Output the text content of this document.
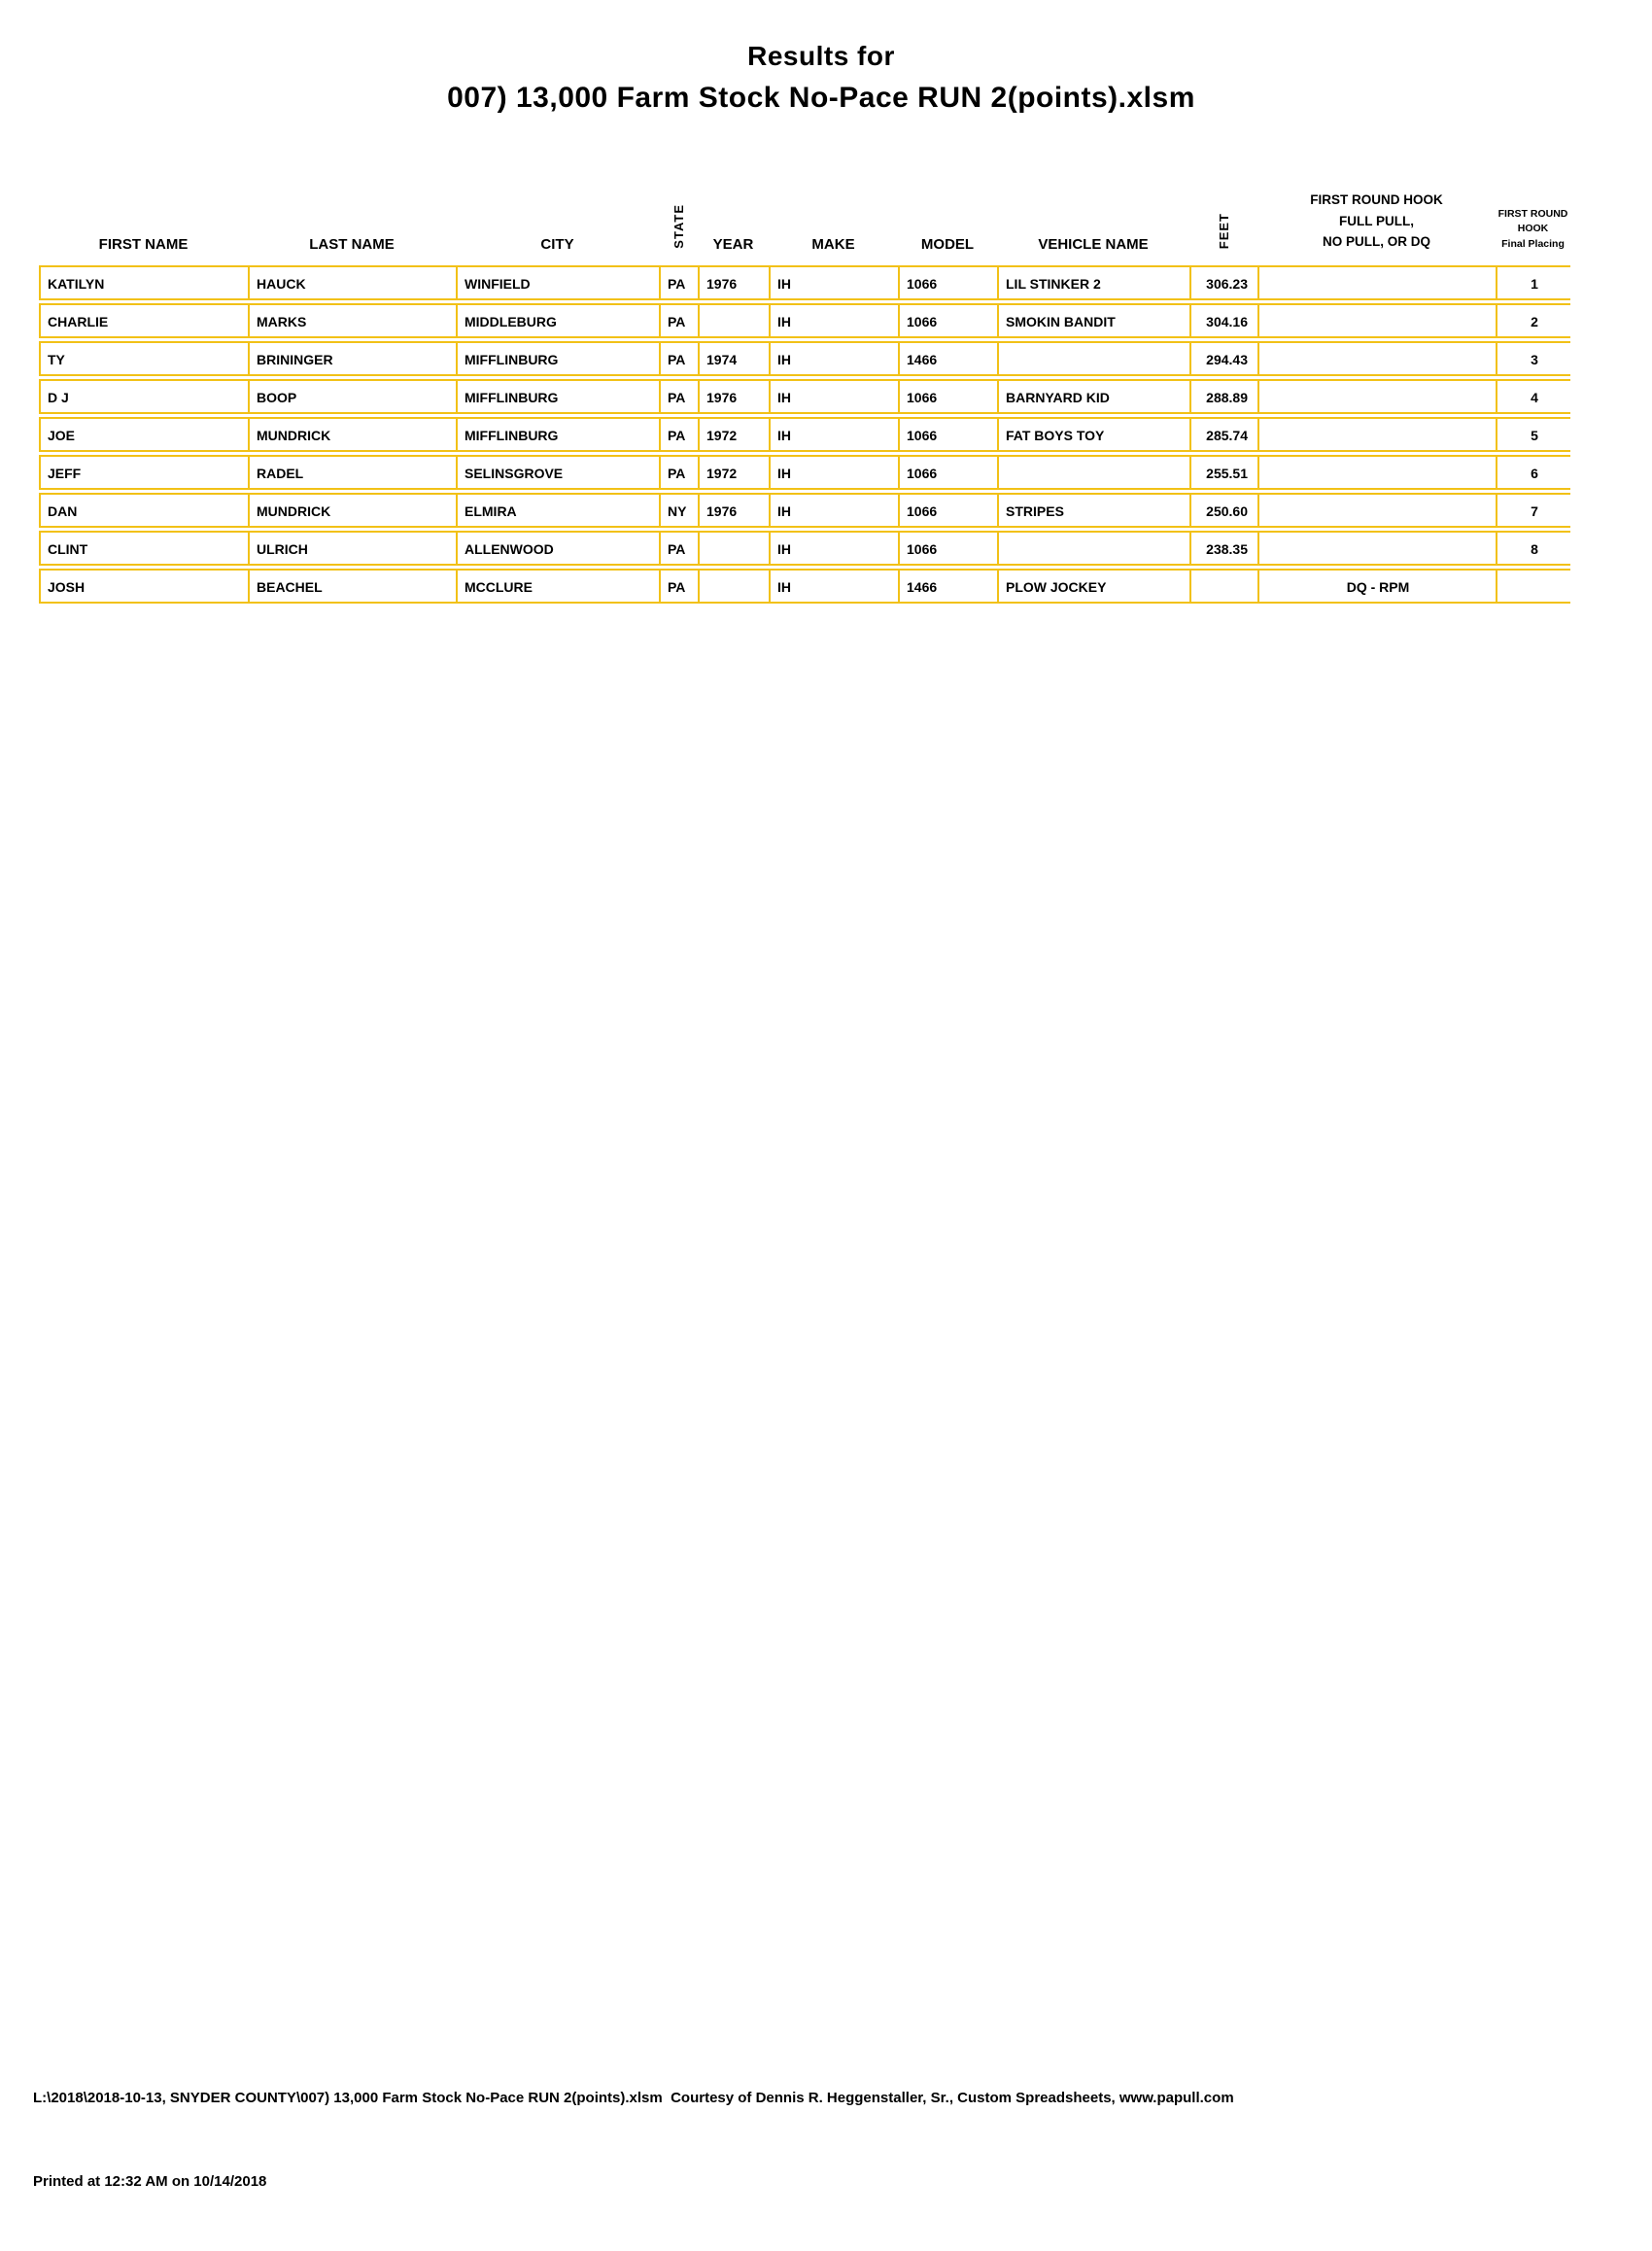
Results for
007) 13,000 Farm Stock No-Pace RUN 2(points).xlsm
FIRST NAME	LAST NAME	CITY	STATE	YEAR	MAKE	MODEL	VEHICLE NAME	FEET	
FIRST ROUND HOOK
FULL PULL,
NO PULL, OR DQ

FIRST ROUND
HOOK
Final Placing

KATILYN	HAUCK	WINFIELD	PA	1976	IH	1066	LIL STINKER 2	306.23		1
CHARLIE	MARKS	MIDDLEBURG	PA		IH	1066	SMOKIN BANDIT	304.16		2
TY	BRININGER	MIFFLINBURG	PA	1974	IH	1466		294.43		3
D J	BOOP	MIFFLINBURG	PA	1976	IH	1066	BARNYARD KID	288.89		4
JOE	MUNDRICK	MIFFLINBURG	PA	1972	IH	1066	FAT BOYS TOY	285.74		5
JEFF	RADEL	SELINSGROVE	PA	1972	IH	1066		255.51		6
DAN	MUNDRICK	ELMIRA	NY	1976	IH	1066	STRIPES	250.60		7
CLINT	ULRICH	ALLENWOOD	PA		IH	1066		238.35		8
JOSH	BEACHEL	MCCLURE	PA		IH	1466	PLOW JOCKEY		DQ - RPM	

L:\2018\2018-10-13, SNYDER COUNTY\007) 13,000 Farm Stock No-Pace RUN 2(points).xlsm  Courtesy of Dennis R. Heggenstaller, Sr., Custom Spreadsheets, www.papull.com

Printed at 12:32 AM on 10/14/2018
